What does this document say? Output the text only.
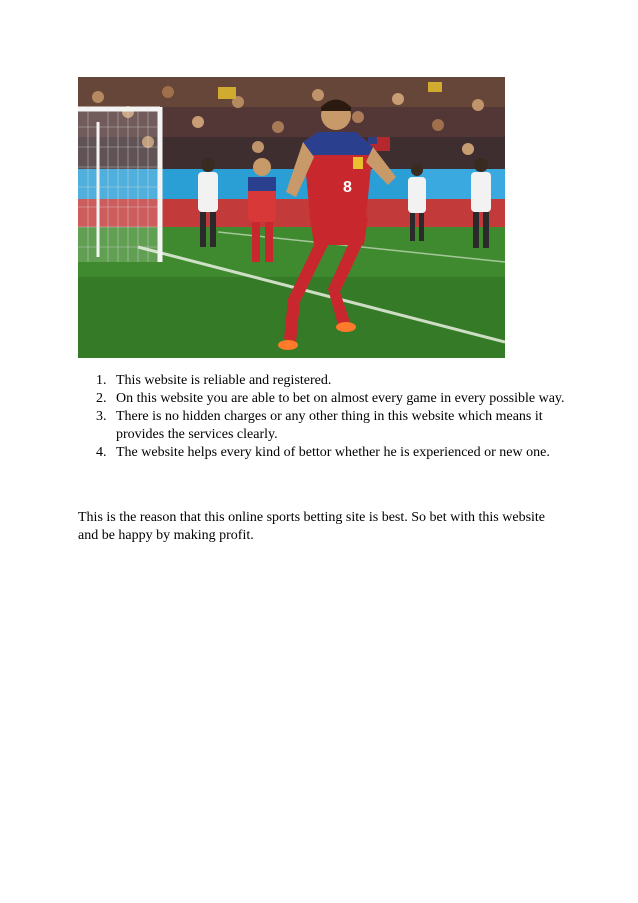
8
1. This website is reliable and registered.
2. On this website you are able to bet on almost every game in every possible way.
3. There is no hidden charges or any other thing in this website which means it provides the services clearly.
4. The website helps every kind of bettor whether he is experienced or new one.

This is the reason that this online sports betting site is best. So bet with this website and be happy by making profit.
